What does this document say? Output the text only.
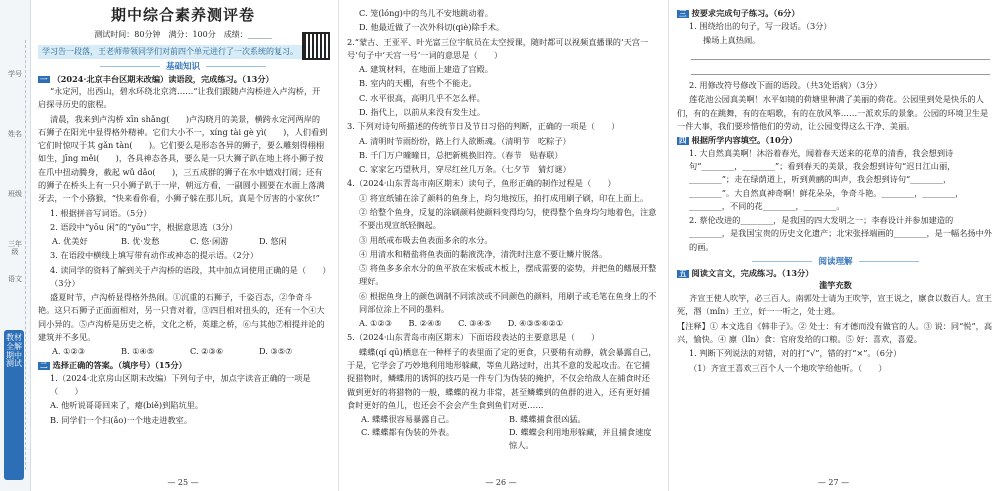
学号
姓名
班级
三年级
语文
教材全解 期中测试
期中综合素养测评卷
测试时间：80分钟　满分：100分　成绩：______
学习告一段落，王老师带领同学们对前四个单元进行了一次系统的复习。
基础知识
一 （2024·北京丰台区期末改编）读语段，完成练习。（13分）

“永定河，出西山，碧水环绕北京湾……”让我们跟随卢沟桥进入卢沟桥，开启探寻历史的旅程。

清晨，我来到卢沟桥 xīn shǎng(　　)卢沟晓月的美景，横跨永定河两岸的石狮子在阳光中显得格外精神。它们大小不一，xíng tài gè yì(　　)，人们看到它们时惊叹于其 gǎn tàn(　　)。它们要么是形态各异的狮子，要么雕刻得栩栩如生，jīng měi(　　)，各具神态各具，要么是一只大狮子趴在地上将小狮子按在爪中扭动腾身，截起 wǔ dǎo(　　)，三五成群的狮子在水中嬉戏打闹；还有的狮子在桥头上有一只小狮子趴于一岸，朝远方看，一副圆小圆要在水面上落满牙去，一个小猕猴，“快来看你看，小狮子躲在那儿玩，真是个厉害的小家伙!”

1. 根据拼音写词语。（5分）

2. 语段中“yōu 闲”的“yōu”字，根据意思选（3分）

A. 优美好	B. 优·发愁	C. 悠·闲游	D. 悠闲

3. 在语段中横线上填写带有动作或神态的提示语。（2分）

4. 读同学的资料了解到关于卢沟桥的语段，其中加点词使用正确的是（　　）（3分）

盛夏时节，卢沟桥显得格外热闹。①沉重的石狮子，千姿百态，②争奇斗艳。这只石狮子正面面相对，另一只背对着，③四目相对扭头的，还有一个④大同小异的。⑤卢沟桥是历史之桥，文化之桥，英雄之桥，⑥与其他⑦相提并论的建筑并不多见。

A. ①②③	B. ①④⑤	C. ②③⑥	D. ③⑤⑦
二 选择正确的答案。（填序号）（15分）

1.（2024·北京房山区期末改编）下列句子中，加点字读音正确的一项是（　　）

A. 他听说哥哥回来了，瘪(biě)到陷坑里。

B. 同学们一个扫(ǎo)一个地走进教室。

— 25 —

C. 笼(lóng)中的鸟儿不安地跳动着。

D. 他最近做了一次外科切(qiè)除手术。

2.“蒙古、王亚平、叶光富三位宇航员在太空授课，随时都可以视频直播课的‘天宫一号’句子中‘天宫一号’一词的意思是（　　）

A. 建筑材料，在地面上建造了宫殿。

B. 室内的天棚，有些个不能走。

C. 水平很高，高明几乎不怎么样。

D. 指代上，以前从来没有发生过。

3. 下列对诗句所描述的传统节日及节日习俗的判断，正确的一项是（　　）

A. 清明时节雨纷纷，路上行人欲断魂。（清明节　吃粽子）

B. 千门万户曈曈日，总把新桃换旧符。（春节　贴春联）

C. 家家乞巧望秋月，穿尽红丝几万条。（七夕节　猜灯谜）

4.（2024·山东青岛市南区期末）读句子，鱼形正确的制作过程是（　　）

① 将宣纸铺在涂了颜料的鱼身上，均匀地按压，拍打成用刷子刷，印在上面上。

② 给整个鱼身，反复的涂刷颜料使颜料变得均匀，使得整个鱼身均匀地着色，注意不要出现宣纸轻搁起。

③ 用纸戒布吸去鱼表面多余的水分。

④ 用清水和精盐将鱼表面的黏液洗净，清洗时注意不要让鳞片脱落。

⑤ 将鱼多多余水分的鱼平放在宋板或木板上，摆成需要的姿势，并把鱼的鳍展开整理好。

⑥ 根据鱼身上的颜色调制不同浓淡或不同颜色的颜料，用刷子或毛笔在鱼身上的不同部位涂上不同的墨料。

A. ①②③　　B. ②④⑤　　C. ③④⑤　　D. ④③⑤⑥②①

5.（2024·山东青岛市南区期末）下面语段表达的主要意思是（　　）

蝶蝶(qí qū)栖息在一种样子的表里面了定的更食，只要稍有动静，就会暴露自己，于是，它学会了巧妙地利用地形躲藏，等鱼儿路过时，出其不意的发起攻击。在它捕捉猎物时，鳞蝶用的诱饵的技巧是一件专门为伪装的掩护，不仅会给敌人在捕食时还做到更好的将猎物的一般，蝶蝶的视力非常，甚至鳞蝶到的鱼群的进入，还有更好捕食时更好的鱼儿，也还会不会会产生食到鱼们对更……

A. 蝶蝶很容易暴露自己。	B. 蝶蝶捕食很凶猛。
C. 蝶蝶都有伪装的外表。	D. 蝶蝶会利用地形躲藏，并且捕食速度惊人。
— 26 —
三 按要求完成句子练习。（6分）

1. 围绕给出的句子，写一段话。（3分）

操场上真热闹。

2. 用修改符号修改下面的语段。（共3处语病）（3分）

莲花池公园真美啊！水平如镜的荷塘里种满了美丽的荷花。公园里到处是快乐的人们，有的在跳舞，有的在唱歌，有的在放风筝……一派欢乐的景象。公园的环境卫生是一件大事，我们要珍惜他们的劳动，让公园变得这么干净、美丽。

四 根据所学内容填空。（10分）

1. 大自然真美啊！沐浴着春光，闻着春天送来的花草的清香，我会想到诗句“________，________”；看到春天的美景，我会想到诗句“迟日江山丽，________”；走在绿荫道上，听到黄鹂的叫声，我会想到诗句“________，________”。大自然真神奇啊！鲜花朵朵，争奇斗艳。________，________，________，不同的花________，________。

2. 蔡伦改进的________，是我国的四大发明之一；李春设计并参加建造的________，是我国宝贵的历史文化遗产；北宋张择端画的________，是一幅名扬中外的画。

阅读理解
五 阅读文言文，完成练习。（13分）
滥竽充数

齐宣王使人吹竽，必三百人。南郭处士请为王吹竽，宣王说之，廪食以数百人。宣王死，湣（mǐn）王立，好一一听之，处士逃。

【注释】① 本文选自《韩非子》。② 处士：有才德而没有做官的人。③ 说：同“悦”，高兴，愉快。④ 廪（lǐn）食：官府发给的口粮。⑤ 好：喜欢，喜爱。

1. 判断下列说法的对错，对的打“√”，错的打“×”。（6分）

（1）齐宣王喜欢三百个人一个地吹竽给他听。（　　）

— 27 —
